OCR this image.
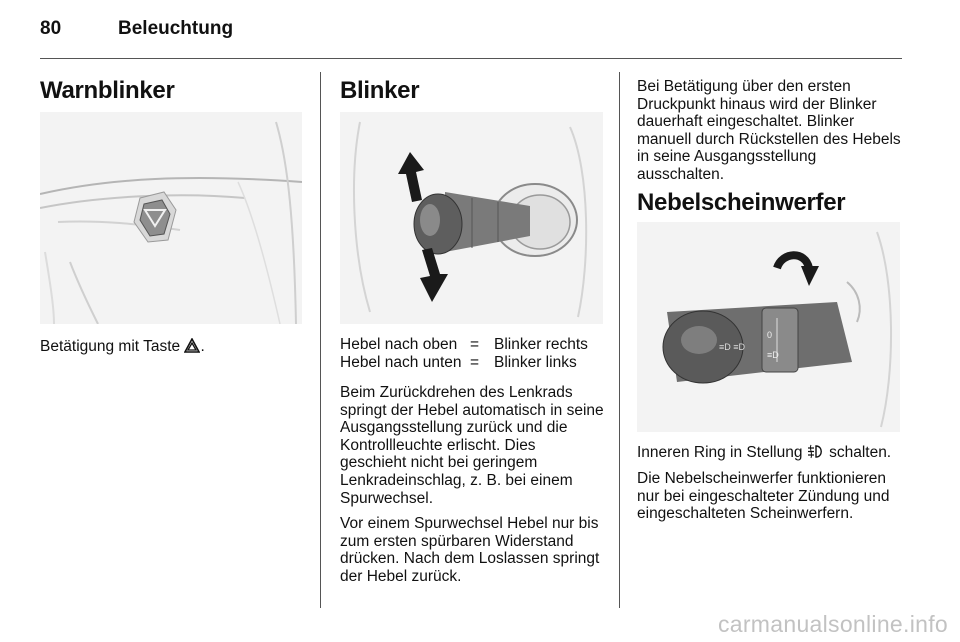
80	Beleuchtung
Warnblinker

Betätigung mit Taste .

Blinker
Hebel nach oben	=	Blinker rechts
Hebel nach unten	=	Blinker links

Beim Zurückdrehen des Lenkrads springt der Hebel automatisch in seine Ausgangsstellung zurück und die Kontrollleuchte erlischt. Dies geschieht nicht bei geringem Lenkradeinschlag, z. B. bei einem Spurwechsel.

Vor einem Spurwechsel Hebel nur bis zum ersten spürbaren Widerstand drücken. Nach dem Loslassen springt der Hebel zurück.

Bei Betätigung über den ersten Druckpunkt hinaus wird der Blinker dauerhaft eingeschaltet. Blinker manuell durch Rückstellen des Hebels in seine Ausgangsstellung ausschalten.

Nebelscheinwerfer
0
≡D
≡D ≡D

Inneren Ring in Stellung schalten.

Die Nebelscheinwerfer funktionieren nur bei eingeschalteter Zündung und eingeschalteten Scheinwerfern.

carmanualsonline.info
